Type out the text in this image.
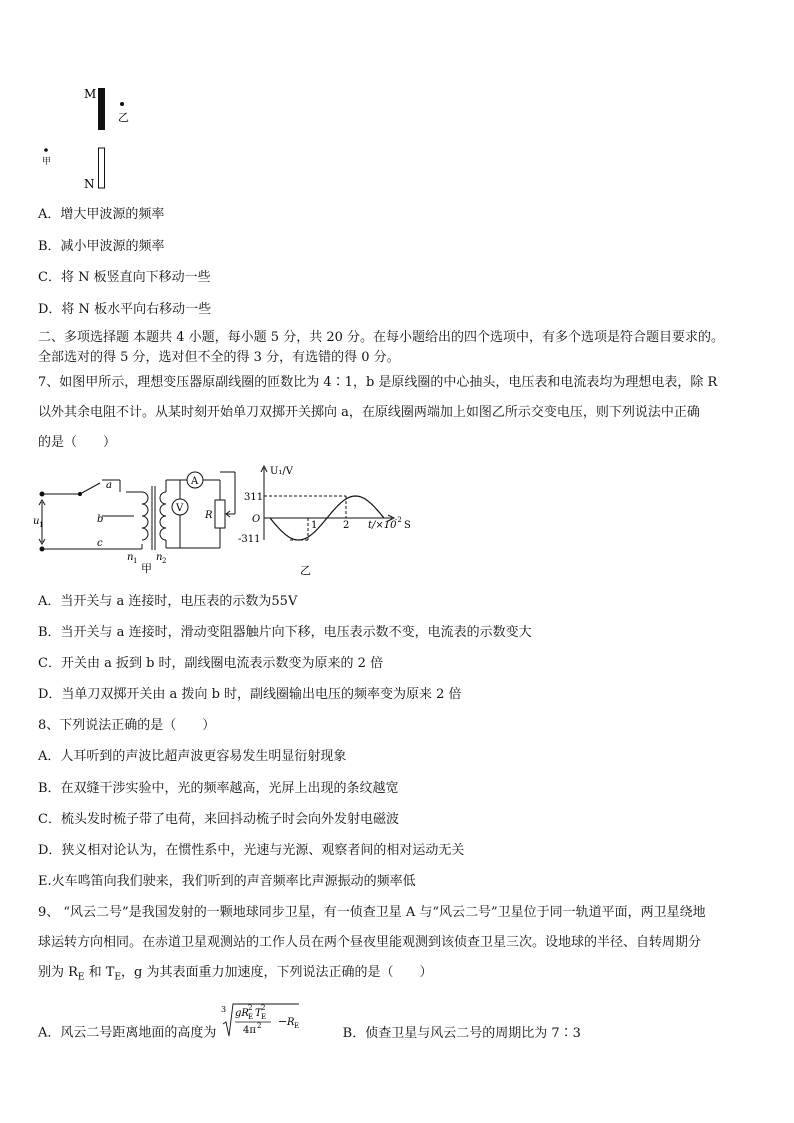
M
乙
甲
N
A．增大甲波源的频率
B．减小甲波源的频率
C．将 N 板竖直向下移动一些
D．将 N 板水平向右移动一些
二、多项选择题 本题共 4 小题，每小题 5 分，共 20 分。在每小题给出的四个选项中，有多个选项是符合题目要求的。
全部选对的得 5 分，选对但不全的得 3 分，有选错的得 0 分。
7、如图甲所示，理想变压器原副线圈的匝数比为 4∶1，b 是原线圈的中心抽头，电压表和电流表均为理想电表，除 R
以外其余电阻不计。从某时刻开始单刀双掷开关掷向 a，在原线圈两端加上如图乙所示交变电压，则下列说法中正确
的是（　　）
a
b
c
u 1
n 1 n 2
A
V
R
甲
U₁/V
311
O
-311
1	2 t/×10
-2 S
乙
A．当开关与 a 连接时，电压表的示数为55V
B．当开关与 a 连接时，滑动变阻器触片向下移，电压表示数不变，电流表的示数变大
C．开关由 a 扳到 b 时，副线圈电流表示数变为原来的 2 倍
D．当单刀双掷开关由 a 拨向 b 时，副线圈输出电压的频率变为原来 2 倍
8、下列说法正确的是（　　）
A．人耳听到的声波比超声波更容易发生明显衍射现象
B．在双缝干涉实验中，光的频率越高，光屏上出现的条纹越宽
C．梳头发时梳子带了电荷，来回抖动梳子时会向外发射电磁波
D．狭义相对论认为，在惯性系中，光速与光源、观察者间的相对运动无关
E.火车鸣笛向我们驶来，我们听到的声音频率比声源振动的频率低
9、 “风云二号”是我国发射的一颗地球同步卫星，有一侦查卫星 A 与“风云二号”卫星位于同一轨道平面，两卫星绕地
球运转方向相同。在赤道卫星观测站的工作人员在两个昼夜里能观测到该侦查卫星三次。设地球的半径、自转周期分
别为 $R_E$ 和 $T_E$，g 为其表面重力加速度，下列说法正确的是（　　）
A．风云二号距离地面的高度为
3 gR E
2 T E
2
4π 2 − R E	B．侦查卫星与风云二号的周期比为 7∶3
